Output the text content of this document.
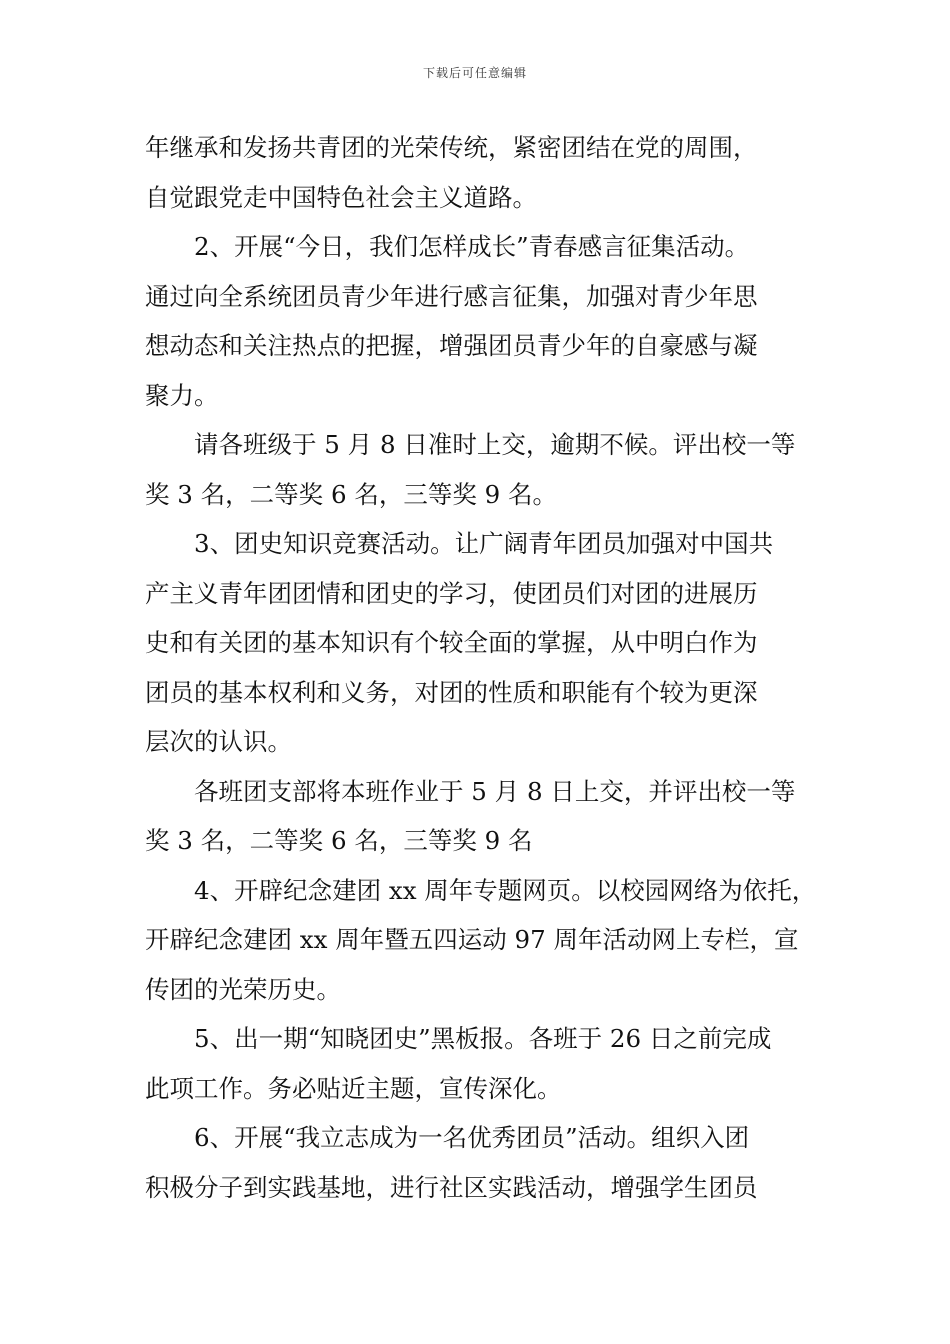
下载后可任意编辑
年继承和发扬共青团的光荣传统，紧密团结在党的周围，
自觉跟党走中国特色社会主义道路。
2、开展“今日，我们怎样成长”青春感言征集活动。
通过向全系统团员青少年进行感言征集，加强对青少年思
想动态和关注热点的把握，增强团员青少年的自豪感与凝
聚力。
请各班级于 5 月 8 日准时上交，逾期不候。评出校一等
奖 3 名，二等奖 6 名，三等奖 9 名。
3、团史知识竞赛活动。让广阔青年团员加强对中国共
产主义青年团团情和团史的学习，使团员们对团的进展历
史和有关团的基本知识有个较全面的掌握，从中明白作为
团员的基本权利和义务，对团的性质和职能有个较为更深
层次的认识。
各班团支部将本班作业于 5 月 8 日上交，并评出校一等
奖 3 名，二等奖 6 名，三等奖 9 名
4、开辟纪念建团 xx 周年专题网页。以校园网络为依托，
开辟纪念建团 xx 周年暨五四运动 97 周年活动网上专栏，宣
传团的光荣历史。
5、出一期“知晓团史”黑板报。各班于 26 日之前完成
此项工作。务必贴近主题，宣传深化。
6、开展“我立志成为一名优秀团员”活动。组织入团
积极分子到实践基地，进行社区实践活动，增强学生团员
